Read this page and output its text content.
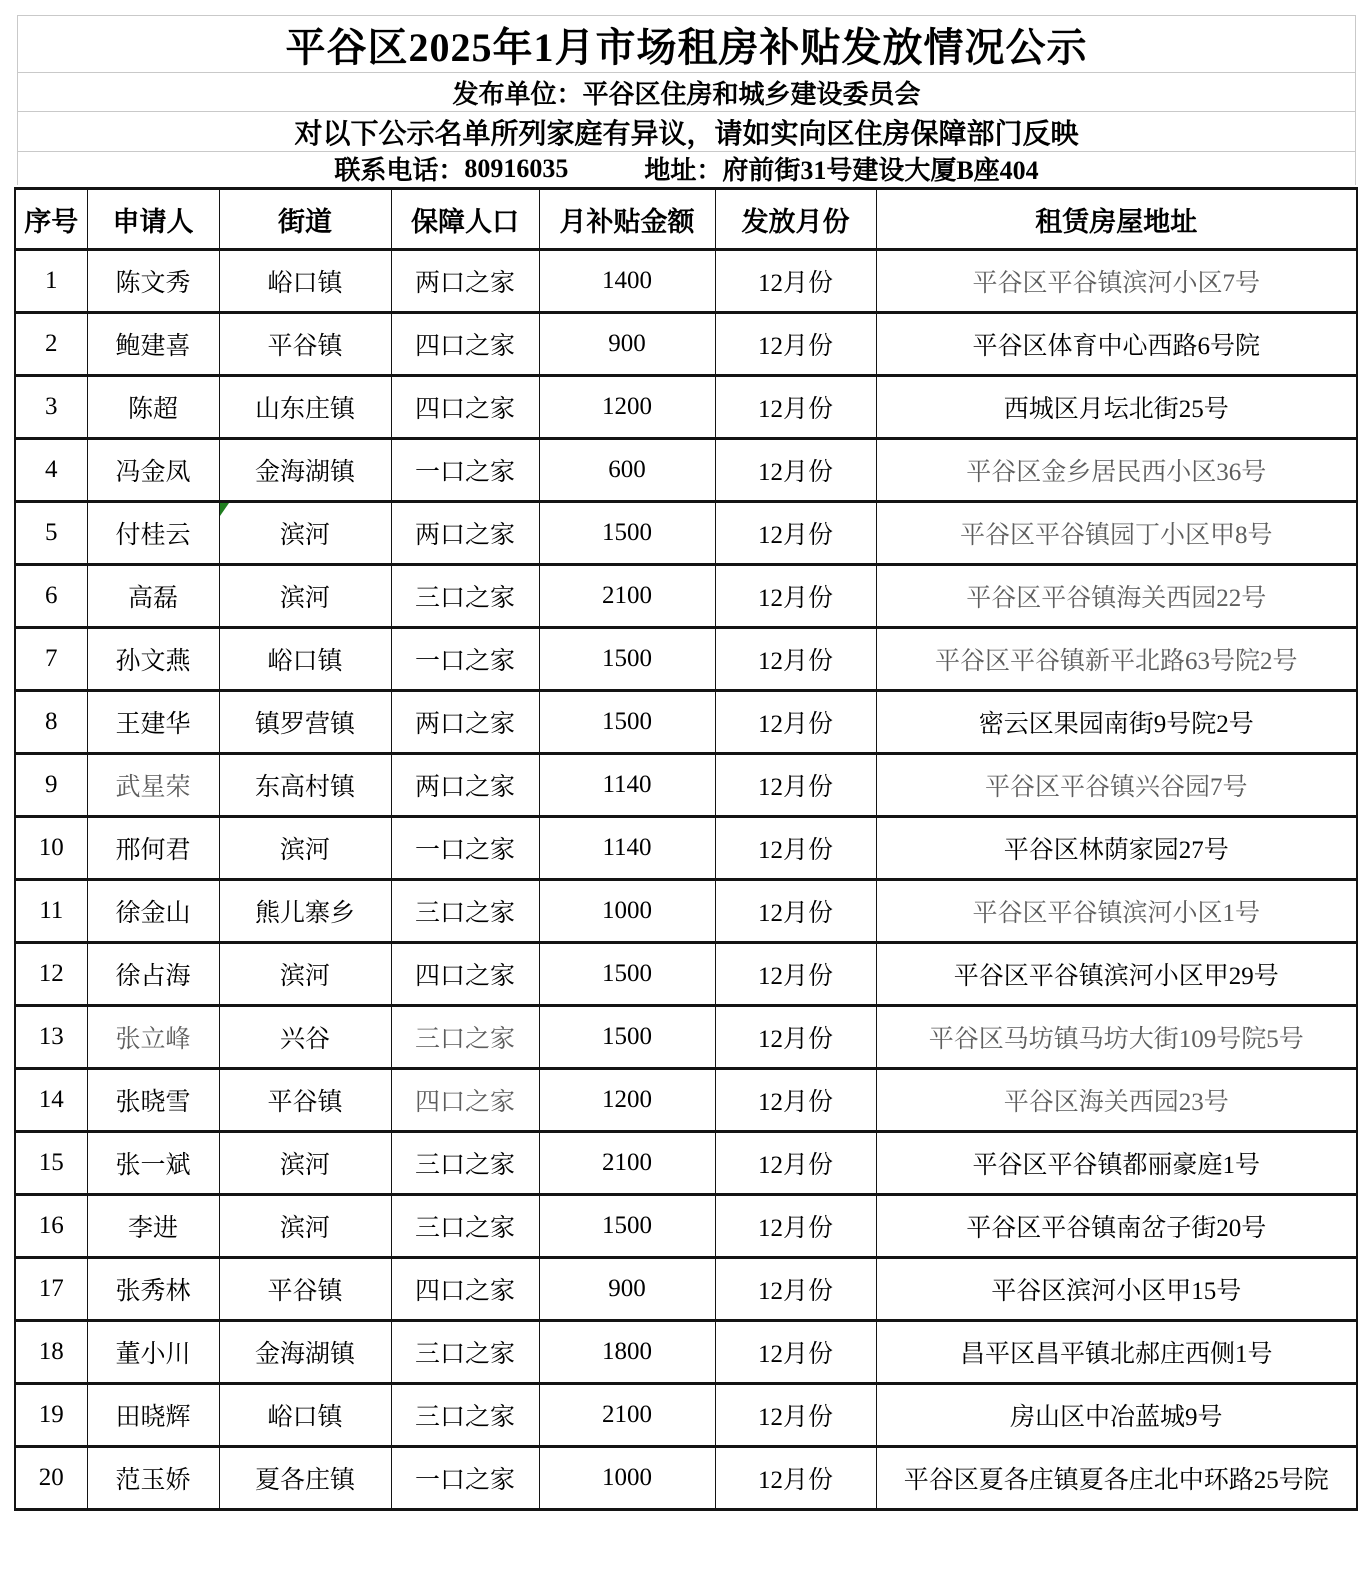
平谷区2025年1月市场租房补贴发放情况公示
发布单位：平谷区住房和城乡建设委员会
对以下公示名单所列家庭有异议，请如实向区住房保障部门反映
联系电话： 80916035	地址： 府前街31号建设大厦B座404
序号	申请人	街道	保障人口	月补贴金额	发放月份	租赁房屋地址
1	陈文秀	峪口镇	两口之家	1400	12月份	平谷区平谷镇滨河小区7号
2	鲍建喜	平谷镇	四口之家	900	12月份	平谷区体育中心西路6号院
3	陈超	山东庄镇	四口之家	1200	12月份	西城区月坛北街25号
4	冯金凤	金海湖镇	一口之家	600	12月份	平谷区金乡居民西小区36号
5	付桂云	滨河	两口之家	1500	12月份	平谷区平谷镇园丁小区甲8号
6	高磊	滨河	三口之家	2100	12月份	平谷区平谷镇海关西园22号
7	孙文燕	峪口镇	一口之家	1500	12月份	平谷区平谷镇新平北路63号院2号
8	王建华	镇罗营镇	两口之家	1500	12月份	密云区果园南街9号院2号
9	武星荣	东高村镇	两口之家	1140	12月份	平谷区平谷镇兴谷园7号
10	邢何君	滨河	一口之家	1140	12月份	平谷区林荫家园27号
11	徐金山	熊儿寨乡	三口之家	1000	12月份	平谷区平谷镇滨河小区1号
12	徐占海	滨河	四口之家	1500	12月份	平谷区平谷镇滨河小区甲29号
13	张立峰	兴谷	三口之家	1500	12月份	平谷区马坊镇马坊大街109号院5号
14	张晓雪	平谷镇	四口之家	1200	12月份	平谷区海关西园23号
15	张一斌	滨河	三口之家	2100	12月份	平谷区平谷镇都丽豪庭1号
16	李进	滨河	三口之家	1500	12月份	平谷区平谷镇南岔子街20号
17	张秀林	平谷镇	四口之家	900	12月份	平谷区滨河小区甲15号
18	董小川	金海湖镇	三口之家	1800	12月份	昌平区昌平镇北郝庄西侧1号
19	田晓辉	峪口镇	三口之家	2100	12月份	房山区中冶蓝城9号
20	范玉娇	夏各庄镇	一口之家	1000	12月份	平谷区夏各庄镇夏各庄北中环路25号院
